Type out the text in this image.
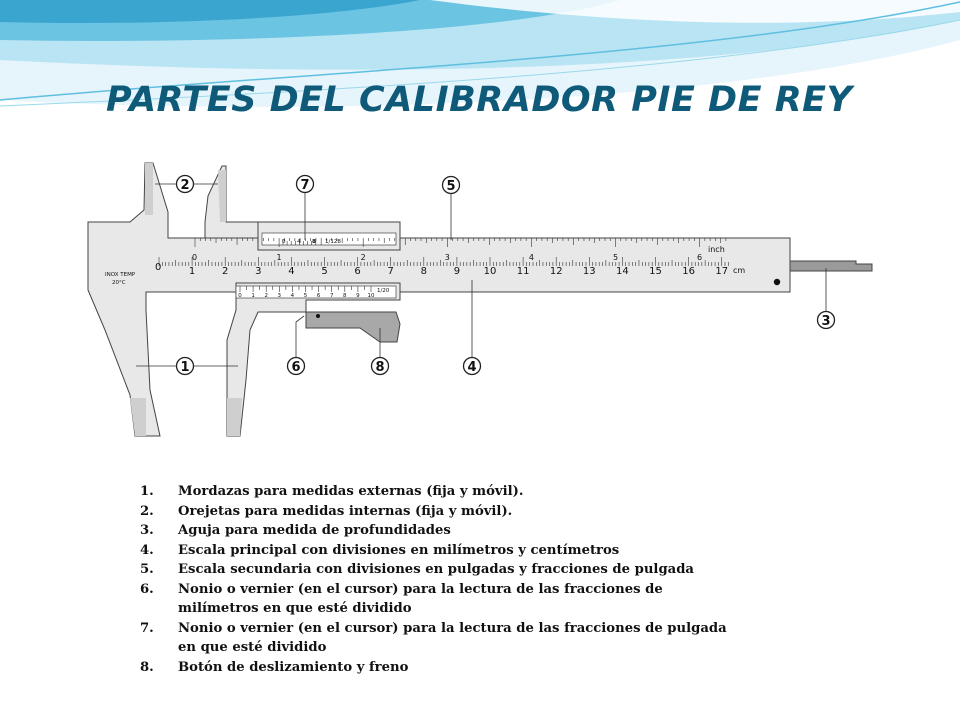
PARTES DEL CALIBRADOR PIE DE REY
INOX TEMP
20°C
0	1	2	3	4	5	6
inch
0	1	2	3	4	5	6	7	8	9 10 11 12 13 14 15 16 17 cm
0 1 2 3 4 5 6 7 8 9 10
1/20
0 4 8 1/128
2	7	5
3
1	6	8	4
1.	Mordazas para medidas externas (fija y móvil).
2.	Orejetas para medidas internas (fija y móvil).
3.	Aguja para medida de profundidades
4.	Escala principal con divisiones en milímetros y centímetros
5.	Escala secundaria con divisiones en pulgadas y fracciones de pulgada
6.	Nonio o vernier (en el cursor) para la lectura de las fracciones de milímetros en que esté dividido
7.	Nonio o vernier (en el cursor) para la lectura de las fracciones de pulgada en que esté dividido
8.	Botón de deslizamiento y freno
